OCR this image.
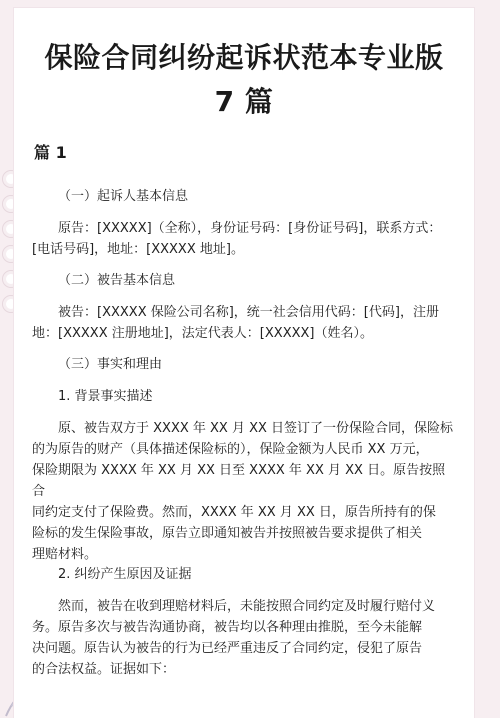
保险合同纠纷起诉状范本专业版
7 篇
篇 1
（一）起诉人基本信息
原告：[XXXXX]（全称），身份证号码：[身份证号码]，联系方式：
[电话号码]，地址：[XXXXX 地址]。
（二）被告基本信息
被告：[XXXXX 保险公司名称]，统一社会信用代码：[代码]，注册
地：[XXXXX 注册地址]，法定代表人：[XXXXX]（姓名）。
（三）事实和理由
1. 背景事实描述
原、被告双方于 XXXX 年 XX 月 XX 日签订了一份保险合同，保险标
的为原告的财产（具体描述保险标的），保险金额为人民币 XX 万元，
保险期限为 XXXX 年 XX 月 XX 日至 XXXX 年 XX 月 XX 日。原告按照合
同约定支付了保险费。然而，XXXX 年 XX 月 XX 日，原告所持有的保
险标的发生保险事故，原告立即通知被告并按照被告要求提供了相关
理赔材料。
2. 纠纷产生原因及证据
然而，被告在收到理赔材料后，未能按照合同约定及时履行赔付义
务。原告多次与被告沟通协商，被告均以各种理由推脱，至今未能解
决问题。原告认为被告的行为已经严重违反了合同约定，侵犯了原告
的合法权益。证据如下：
